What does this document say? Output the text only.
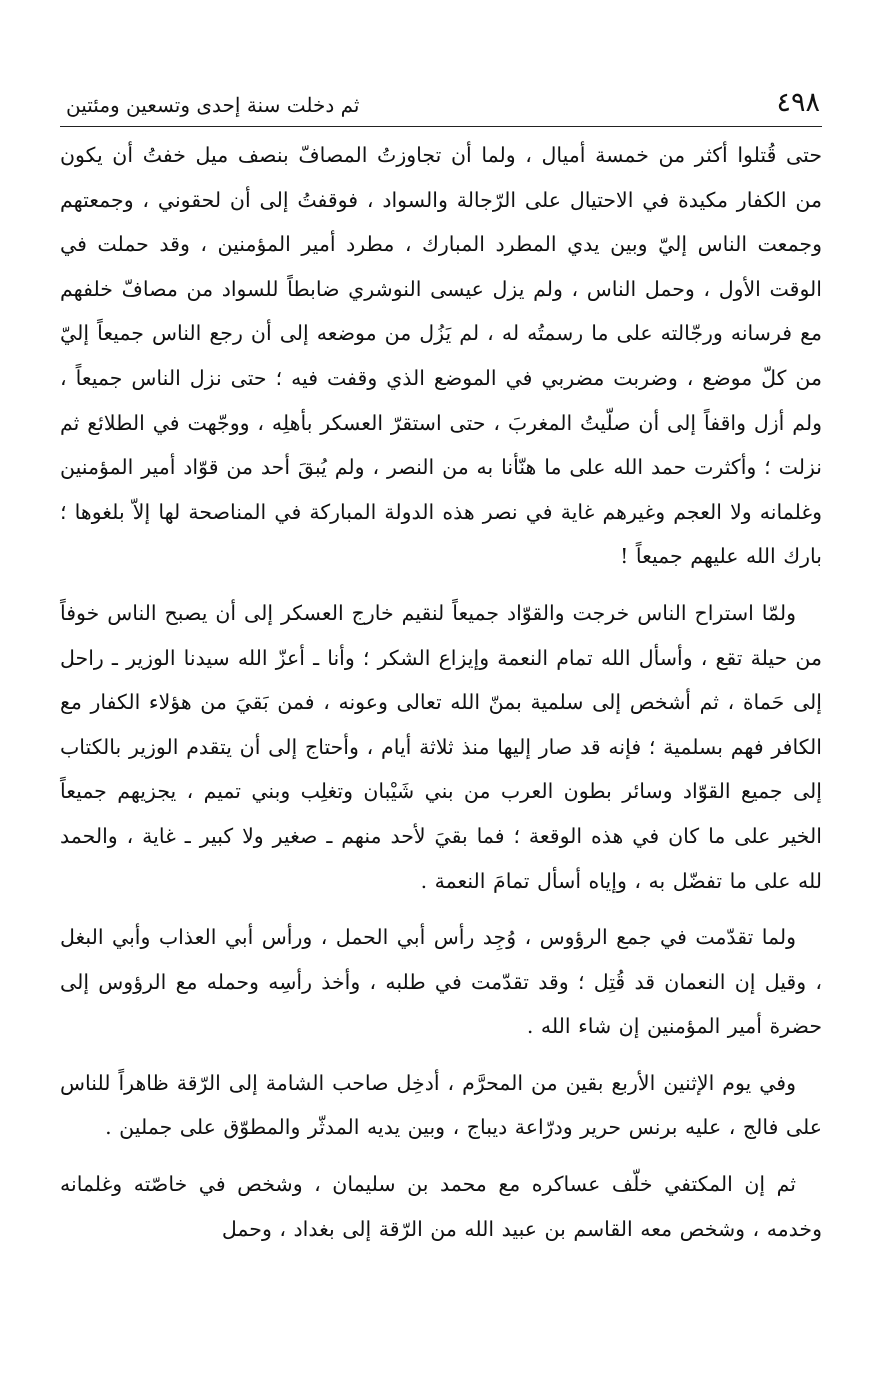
٤٩٨
ثم دخلت سنة إحدى وتسعين ومئتين

حتى قُتلوا أكثر من خمسة أميال ، ولما أن تجاوزتُ المصافّ بنصف ميل خفتُ أن يكون من الكفار مكيدة في الاحتيال على الرّجالة والسواد ، فوقفتُ إلى أن لحقوني ، وجمعتهم وجمعت الناس إليّ وبين يدي المطرد المبارك ، مطرد أمير المؤمنين ، وقد حملت في الوقت الأول ، وحمل الناس ، ولم يزل عيسى النوشري ضابطاً للسواد من مصافّ خلفهم مع فرسانه ورجّالته على ما رسمتُه له ، لم يَزُل من موضعه إلى أن رجع الناس جميعاً إليّ من كلّ موضع ، وضربت مضربي في الموضع الذي وقفت فيه ؛ حتى نزل الناس جميعاً ، ولم أزل واقفاً إلى أن صلّيتُ المغربَ ، حتى استقرّ العسكر بأهلِه ، ووجّهت في الطلائع ثم نزلت ؛ وأكثرت حمد الله على ما هنّأنا به من النصر ، ولم يُبقَ أحد من قوّاد أمير المؤمنين وغلمانه ولا العجم وغيرهم غاية في نصر هذه الدولة المباركة في المناصحة لها إلاّ بلغوها ؛ بارك الله عليهم جميعاً !

ولمّا استراح الناس خرجت والقوّاد جميعاً لنقيم خارج العسكر إلى أن يصبح الناس خوفاً من حيلة تقع ، وأسأل الله تمام النعمة وإيزاع الشكر ؛ وأنا ـ أعزّ الله سيدنا الوزير ـ راحل إلى حَماة ، ثم أشخص إلى سلمية بمنّ الله تعالى وعونه ، فمن بَقيَ من هؤلاء الكفار مع الكافر فهم بسلمية ؛ فإنه قد صار إليها منذ ثلاثة أيام ، وأحتاج إلى أن يتقدم الوزير بالكتاب إلى جميع القوّاد وسائر بطون العرب من بني شَيْبان وتغلِب وبني تميم ، يجزيهم جميعاً الخير على ما كان في هذه الوقعة ؛ فما بقيَ لأحد منهم ـ صغير ولا كبير ـ غاية ، والحمد لله على ما تفضّل به ، وإياه أسأل تمامَ النعمة .

ولما تقدّمت في جمع الرؤوس ، وُجِد رأس أبي الحمل ، ورأس أبي العذاب وأبي البغل ، وقيل إن النعمان قد قُتِل ؛ وقد تقدّمت في طلبه ، وأخذ رأسِه وحمله مع الرؤوس إلى حضرة أمير المؤمنين إن شاء الله .

وفي يوم الإثنين الأربع بقين من المحرَّم ، أدخِل صاحب الشامة إلى الرّقة ظاهراً للناس على فالج ، عليه برنس حرير ودرّاعة ديباج ، وبين يديه المدثّر والمطوّق على جملين .

ثم إن المكتفي خلّف عساكره مع محمد بن سليمان ، وشخص في خاصّته وغلمانه وخدمه ، وشخص معه القاسم بن عبيد الله من الرّقة إلى بغداد ، وحمل
